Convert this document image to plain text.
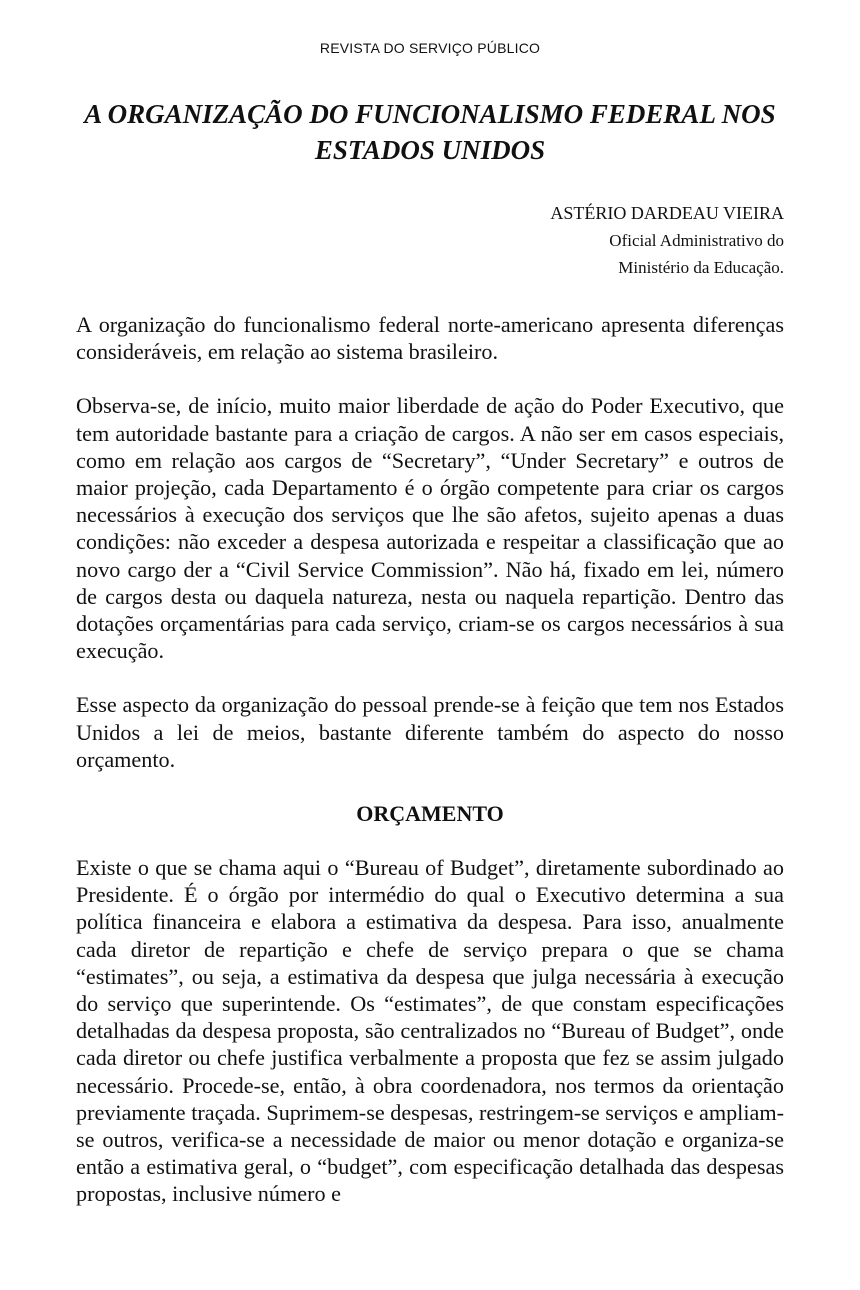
REVISTA DO SERVIÇO PÚBLICO
A ORGANIZAÇÃO DO FUNCIONALISMO FEDERAL NOS
ESTADOS UNIDOS
ASTÉRIO DARDEAU VIEIRA
Oficial Administrativo do
Ministério da Educação.

A organização do funcionalismo federal norte-americano apresenta diferenças consideráveis, em relação ao sistema brasileiro.

Observa-se, de início, muito maior liberdade de ação do Poder Executivo, que tem autoridade bastante para a criação de cargos. A não ser em casos especiais, como em relação aos cargos de “Secretary”, “Under Secretary” e outros de maior projeção, cada Departamento é o órgão competente para criar os cargos necessários à execução dos serviços que lhe são afetos, sujeito apenas a duas condições: não exceder a despesa autorizada e respeitar a classificação que ao novo cargo der a “Civil Service Commission”. Não há, fixado em lei, número de cargos desta ou daquela natureza, nesta ou naquela repartição. Dentro das dotações orçamentárias para cada serviço, criam-se os cargos necessários à sua execução.

Esse aspecto da organização do pessoal prende-se à feição que tem nos Estados Unidos a lei de meios, bastante diferente também do aspecto do nosso orçamento.

ORÇAMENTO

Existe o que se chama aqui o “Bureau of Budget”, diretamente subordinado ao Presidente. É o órgão por intermédio do qual o Executivo determina a sua política financeira e elabora a estimativa da despesa. Para isso, anualmente cada diretor de repartição e chefe de serviço prepara o que se chama “estimates”, ou seja, a estimativa da despesa que julga necessária à execução do serviço que superintende. Os “estimates”, de que constam especificações detalhadas da despesa proposta, são centralizados no “Bureau of Budget”, onde cada diretor ou chefe justifica verbalmente a proposta que fez se assim julgado necessário. Procede-se, então, à obra coordenadora, nos termos da orientação previamente traçada. Suprimem-se despesas, restringem-se serviços e ampliam-se outros, verifica-se a necessidade de maior ou menor dotação e organiza-se então a estimativa geral, o “budget”, com especificação detalhada das despesas propostas, inclusive número e
